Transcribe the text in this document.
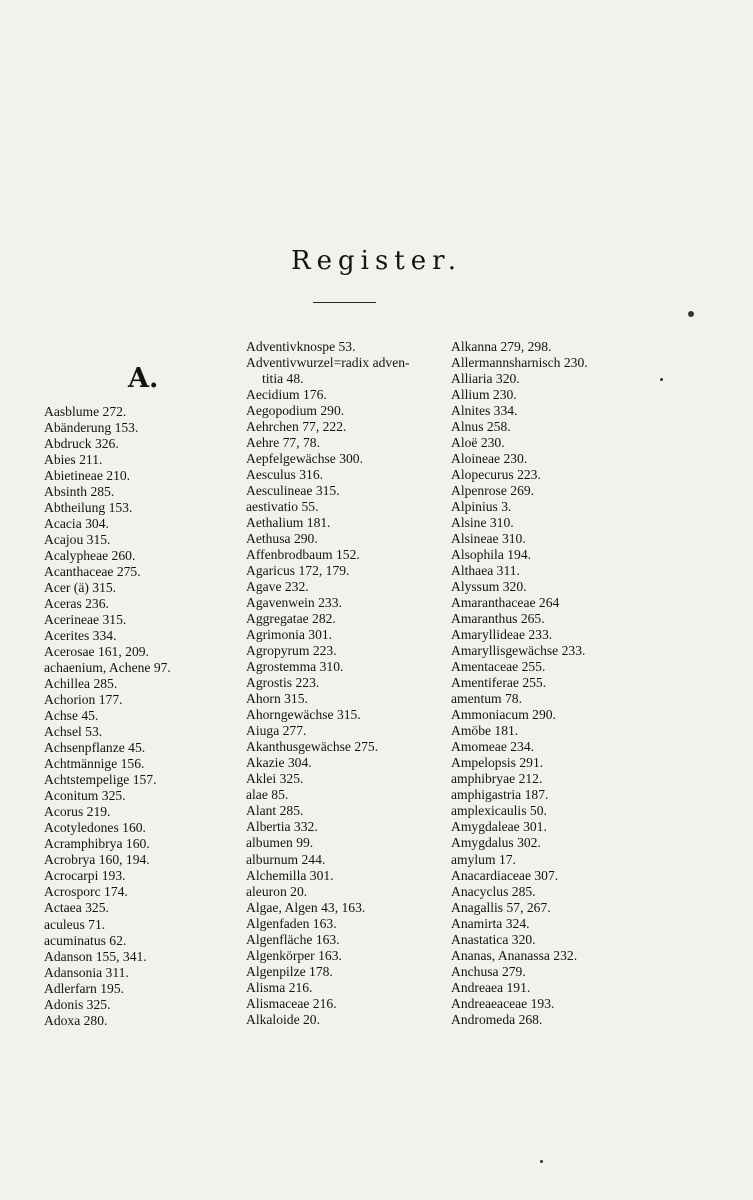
Register.
A.
Aasblume 272.
Abänderung 153.
Abdruck 326.
Abies 211.
Abietineae 210.
Absinth 285.
Abtheilung 153.
Acacia 304.
Acajou 315.
Acalypheae 260.
Acanthaceae 275.
Acer (ä) 315.
Aceras 236.
Acerineae 315.
Acerites 334.
Acerosae 161, 209.
achaenium, Achene 97.
Achillea 285.
Achorion 177.
Achse 45.
Achsel 53.
Achsenpflanze 45.
Achtmännige 156.
Achtstempelige 157.
Aconitum 325.
Acorus 219.
Acotyledones 160.
Acramphibrya 160.
Acrobrya 160, 194.
Acrocarpi 193.
Acrosporc 174.
Actaea 325.
aculeus 71.
acuminatus 62.
Adanson 155, 341.
Adansonia 311.
Adlerfarn 195.
Adonis 325.
Adoxa 280.
Adventivknospe 53.
Adventivwurzel=radix adven-
titia 48.
Aecidium 176.
Aegopodium 290.
Aehrchen 77, 222.
Aehre 77, 78.
Aepfelgewächse 300.
Aesculus 316.
Aesculineae 315.
aestivatio 55.
Aethalium 181.
Aethusa 290.
Affenbrodbaum 152.
Agaricus 172, 179.
Agave 232.
Agavenwein 233.
Aggregatae 282.
Agrimonia 301.
Agropyrum 223.
Agrostemma 310.
Agrostis 223.
Ahorn 315.
Ahorngewächse 315.
Aiuga 277.
Akanthusgewächse 275.
Akazie 304.
Aklei 325.
alae 85.
Alant 285.
Albertia 332.
albumen 99.
alburnum 244.
Alchemilla 301.
aleuron 20.
Algae, Algen 43, 163.
Algenfaden 163.
Algenfläche 163.
Algenkörper 163.
Algenpilze 178.
Alisma 216.
Alismaceae 216.
Alkaloide 20.
Alkanna 279, 298.
Allermannsharnisch 230.
Alliaria 320.
Allium 230.
Alnites 334.
Alnus 258.
Aloë 230.
Aloineae 230.
Alopecurus 223.
Alpenrose 269.
Alpinius 3.
Alsine 310.
Alsineae 310.
Alsophila 194.
Althaea 311.
Alyssum 320.
Amaranthaceae 264
Amaranthus 265.
Amaryllideae 233.
Amaryllisgewächse 233.
Amentaceae 255.
Amentiferae 255.
amentum 78.
Ammoniacum 290.
Amöbe 181.
Amomeae 234.
Ampelopsis 291.
amphibryae 212.
amphigastria 187.
amplexicaulis 50.
Amygdaleae 301.
Amygdalus 302.
amylum 17.
Anacardiaceae 307.
Anacyclus 285.
Anagallis 57, 267.
Anamirta 324.
Anastatica 320.
Ananas, Ananassa 232.
Anchusa 279.
Andreaea 191.
Andreaeaceae 193.
Andromeda 268.
